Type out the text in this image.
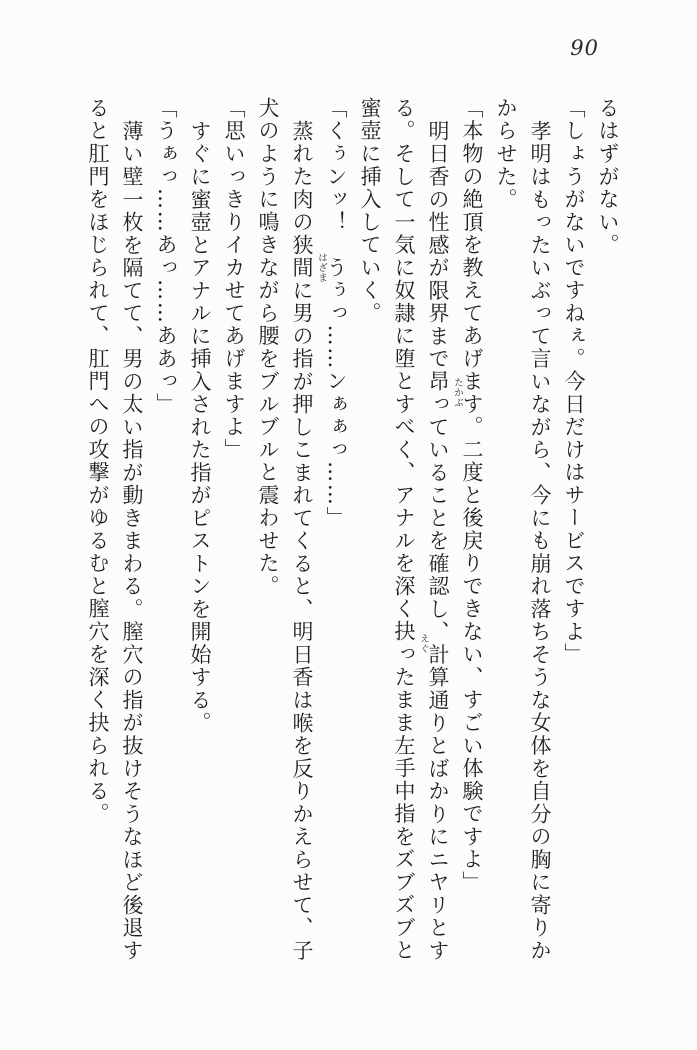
90

るはずがない。

「しょうがないですねぇ。今日だけはサービスですよ」

孝明はもったいぶって言いながら、今にも崩れ落ちそうな女体を自分の胸に寄りかからせた。

「本物の絶頂を教えてあげます。二度と後戻りできない、すごい体験ですよ」

明日香の性感が限界まで昂 たかぶ
っていることを確認し、計算通りとばかりにニヤリとする。そして一気に奴隷に堕とすべく、アナルを深く抉 えぐ
ったまま左手中指をズブズブと蜜壺に挿入していく。

「くぅンッ！　うぅっ……ンぁぁっ……」

蒸れた肉の狭間 はざま
に男の指が押しこまれてくると、明日香は喉を反りかえらせて、子犬のように鳴きながら腰をブルブルと震わせた。

「思いっきりイカせてあげますよ」

すぐに蜜壺とアナルに挿入された指がピストンを開始する。

「うぁっ……あっ……ああっ」

薄い壁一枚を隔てて、男の太い指が動きまわる。膣穴の指が抜けそうなほど後退すると肛門をほじられて、肛門への攻撃がゆるむと膣穴を深く抉られる。
